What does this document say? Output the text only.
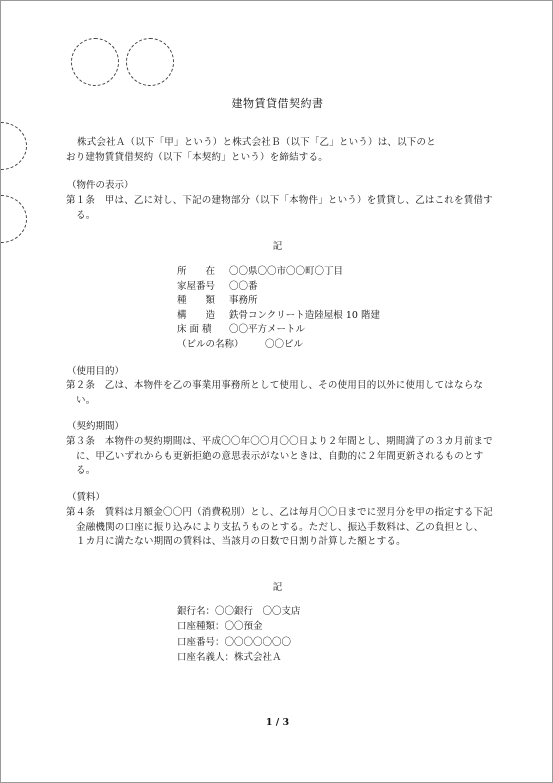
建物賃貸借契約書
株式会社Ａ（以下「甲」という）と株式会社Ｂ（以下「乙」という）は、以下のと
おり建物賃貸借契約（以下「本契約」という）を締結する。
（物件の表示）
第１条　甲は、乙に対し、下記の建物部分（以下「本物件」という）を賃貸し、乙はこれを賃借する。
記
所　　在	〇〇県〇〇市〇〇町〇丁目
家屋番号	〇〇番
種　　類	事務所
構　　造	鉄骨コンクリート造陸屋根 10 階建
床 面 積	〇〇平方メートル
（ビルの名称）	〇〇ビル
（使用目的）
第２条　乙は、本物件を乙の事業用事務所として使用し、その使用目的以外に使用してはならない。
（契約期間）
第３条　本物件の契約期間は、平成〇〇年〇〇月〇〇日より２年間とし、期間満了の３カ月前までに、甲乙いずれからも更新拒絶の意思表示がないときは、自動的に２年間更新されるものとする。
（賃料）
第４条　賃料は月額金〇〇円（消費税別）とし、乙は毎月〇〇日までに翌月分を甲の指定する下記金融機関の口座に振り込みにより支払うものとする。ただし、振込手数料は、乙の負担とし、１カ月に満たない期間の賃料は、当該月の日数で日割り計算した額とする。
記
銀行名：〇〇銀行　〇〇支店
口座種類：〇〇預金
口座番号：〇〇〇〇〇〇〇
口座名義人：株式会社Ａ
1 / 3
